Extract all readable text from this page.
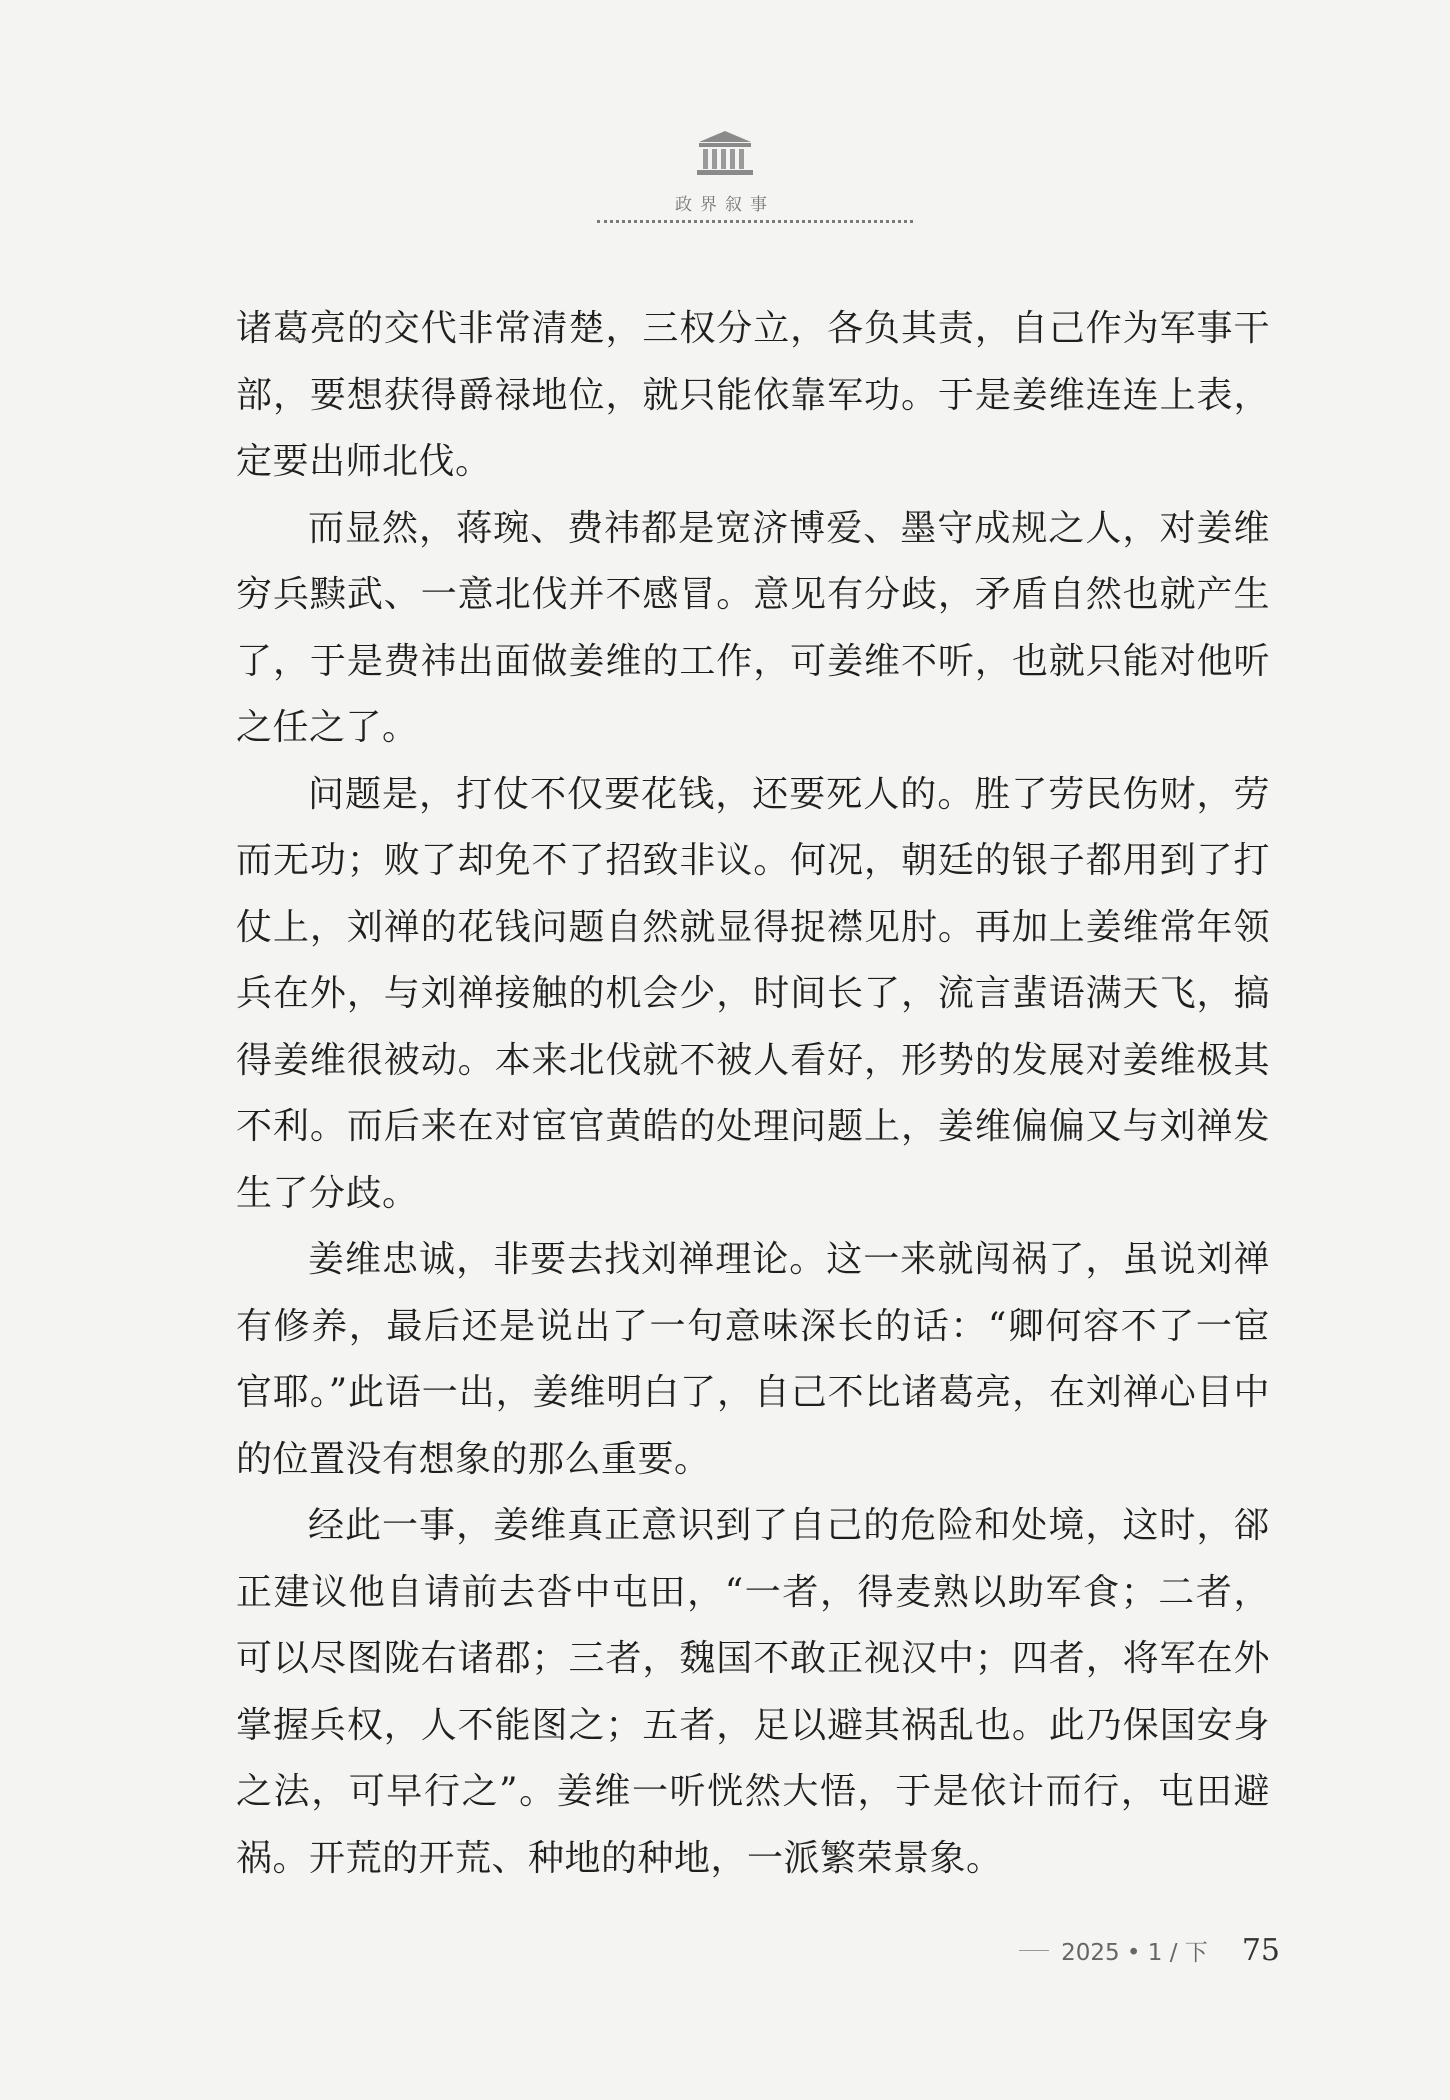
政界叙事

诸葛亮的交代非常清楚，三权分立，各负其责，自己作为军事干部，要想获得爵禄地位，就只能依靠军功。于是姜维连连上表，定要出师北伐。

而显然，蒋琬、费祎都是宽济博爱、墨守成规之人，对姜维穷兵黩武、一意北伐并不感冒。意见有分歧，矛盾自然也就产生了，于是费祎出面做姜维的工作，可姜维不听，也就只能对他听之任之了。

问题是，打仗不仅要花钱，还要死人的。胜了劳民伤财，劳而无功；败了却免不了招致非议。何况，朝廷的银子都用到了打仗上，刘禅的花钱问题自然就显得捉襟见肘。再加上姜维常年领兵在外，与刘禅接触的机会少，时间长了，流言蜚语满天飞，搞得姜维很被动。本来北伐就不被人看好，形势的发展对姜维极其不利。而后来在对宦官黄皓的处理问题上，姜维偏偏又与刘禅发生了分歧。

姜维忠诚，非要去找刘禅理论。这一来就闯祸了，虽说刘禅有修养，最后还是说出了一句意味深长的话：“卿何容不了一宦官耶。”此语一出，姜维明白了，自己不比诸葛亮，在刘禅心目中的位置没有想象的那么重要。

经此一事，姜维真正意识到了自己的危险和处境，这时，郤正建议他自请前去沓中屯田，“一者，得麦熟以助军食；二者，可以尽图陇右诸郡；三者，魏国不敢正视汉中；四者，将军在外掌握兵权，人不能图之；五者，足以避其祸乱也。此乃保国安身之法，可早行之”。姜维一听恍然大悟，于是依计而行，屯田避祸。开荒的开荒、种地的种地，一派繁荣景象。

2025 • 1 / 下 75
